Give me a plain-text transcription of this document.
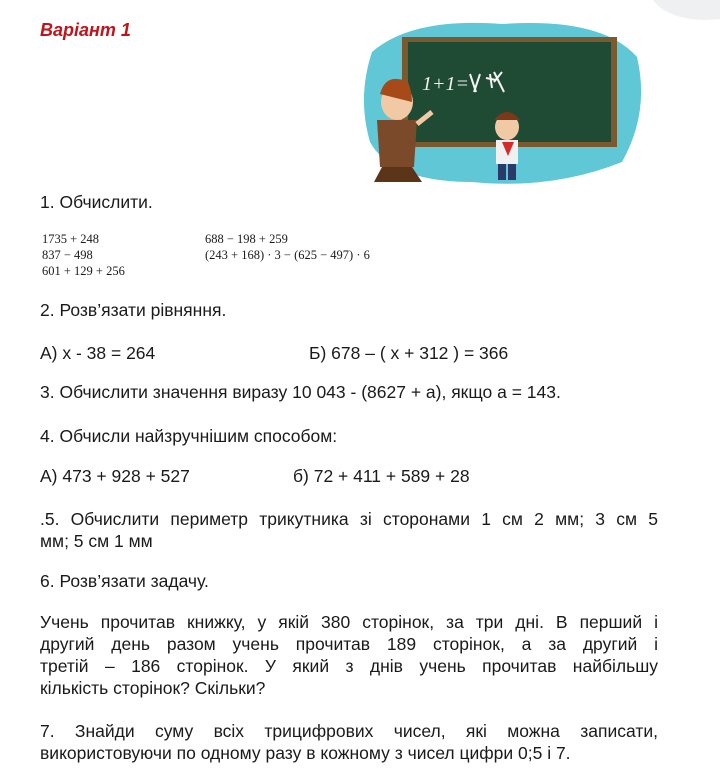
Варіант 1
1+1=
1. Обчислити.
1735 + 248
837 − 498
601 + 129 + 256
688 − 198 + 259
(243 + 168) · 3 − (625 − 497) · 6
2. Розв’язати рівняння.
А) х - 38 = 264	Б) 678 – ( х + 312 ) = 366
3. Обчислити значення виразу 10 043 - (8627 + а), якщо а = 143.
4. Обчисли найзручнішим способом:
А) 473 + 928 + 527	б) 72 + 411 + 589 + 28
.5. Обчислити периметр трикутника зі сторонами 1 см 2 мм; 3 см 5
мм; 5 см 1 мм
6. Розв’язати задачу.
Учень прочитав книжку, у якій 380 сторінок, за три дні. В перший і
другий день разом учень прочитав 189 сторінок, а за другий і
третій – 186 сторінок. У який з днів учень прочитав найбільшу
кількість сторінок? Скільки?
7. Знайди суму всіх трицифрових чисел, які можна записати,
використовуючи по одному разу в кожному з чисел цифри 0;5 і 7.
